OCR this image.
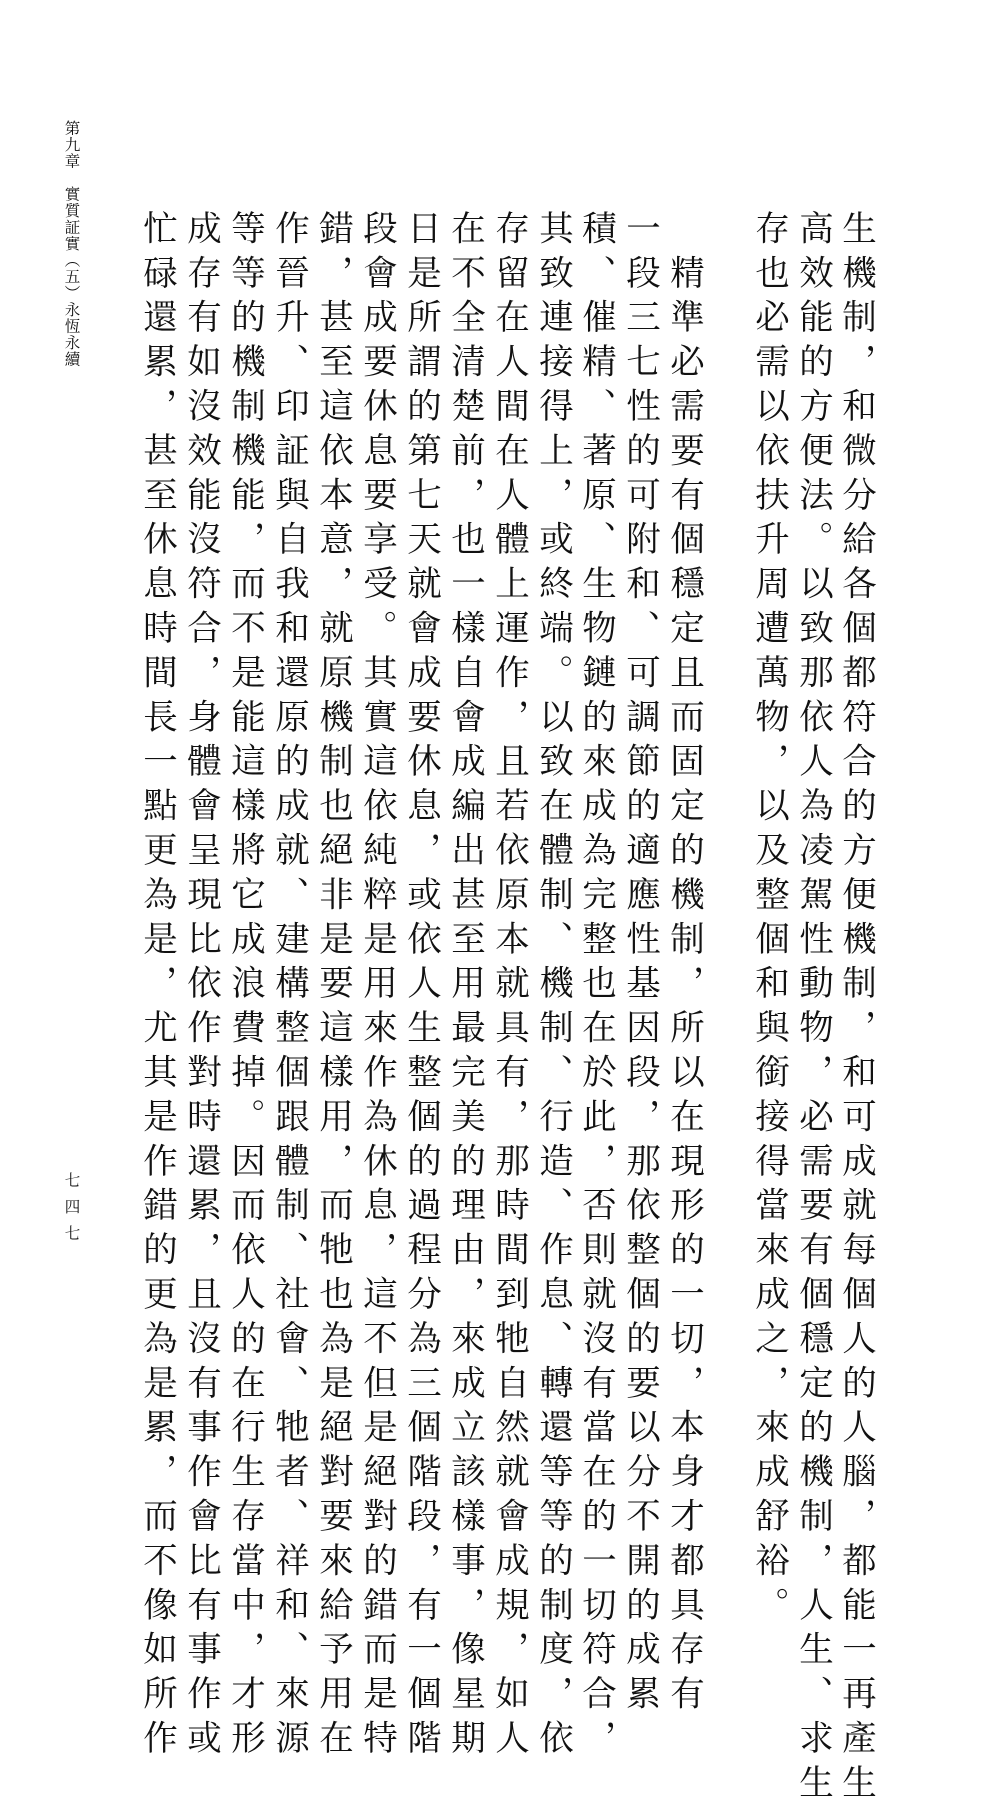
第九章　實質証實（五）永恆永續
七四七	生機制，和微分給各個都符合的方便機制，和可成就每個人的人腦，都能一再產生
高效能的方便法。以致那依人為凌駕性動物，必需要有個穩定的機制，人生、求生
存也必需以依扶升周遭萬物，以及整個和與銜接得當來成之，來成舒裕。
　精準必需要有個穩定且而固定的機制，所以在現形的一切，本身才都具存有
一段三七性的可附和、可調節的適應性基因段，那依整個的要以分不開的成累
積、催精、著原、生物鏈的來成為完整也在於此，否則就沒有當在的一切符合，
其致連接得上，或終端。以致在體制、機制、行造、作息、轉還等等的制度，依
存留在人間在人體上運作，且若依原本就具有，那時間到牠自然就會成規，如人
在不全清楚前，也一樣自會成編出甚至用最完美的理由，來成立該樣事，像星期
日是所謂的第七天就會成要休息，或依人生整個的過程分為三個階段，有一個階
段會成要休息要享受。其實這依純粹是用來作為休息，這不但是絕對的錯而是特
錯，甚至這依本意，就原機制也絕非是要這樣用，而牠也為是絕對要來給予用在
作晉升、印証與自我和還原的成就、建構整個跟體制、社會、牠者、祥和、來源
等等的機制機能，而不是能這樣將它成浪費掉。因而依人的在行生存當中，才形
成存有如沒效能沒符合，身體會呈現比依作對時還累，且沒有事作會比有事作或
忙碌還累，甚至休息時間長一點更為是，尤其是作錯的更為是累，而不像如所作
